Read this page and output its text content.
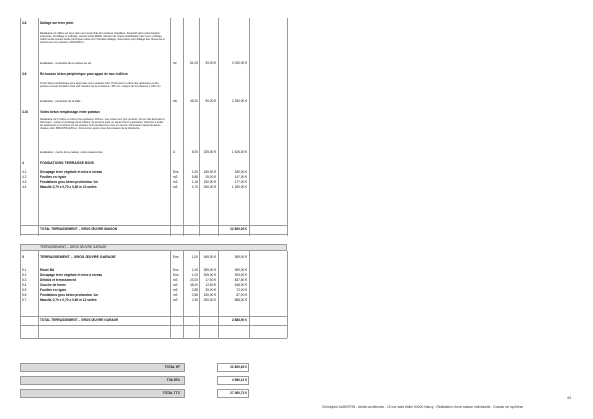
3.6	Dallage sur terre plein
Réalisation de dalles sur terre plein sur l'ensemble des surfaces chauffées, dispositif selon préconisation entreprise, ferraillage et coffrage, suivant étude ZEDE, relevant de l'imperméabilisation des murs, coffrage, treillis soudé suivant étude thermique relevé sur l'interface dallage, réservation pour dallage bas. Réserves à prévoir pour les réseaux (100x100cm).
localisation : ensemble de la surface au sol	m²	61,00	30,00 €	2 030,00 €
3.6	Ré-hausse béton périphérique pour appui de mur h=80cm
Ouvrir béton périphérique pour appui des murs ossature bois. Profil carré ou droit des réhausses et des poutres et toute fondation côté sud. Hauteur de la ré-hausse = 80 mm. Largeur de la réhausse = 180 mm.
localisation : périphérie de la dalle	mL	45,00	50,00 €	2 250,00 €
3.10	Voiles béton remplissage entre poteaux
Réalisation de 5 voiles en béton brut épaisseur 120mm. Ces voiles sont non porteurs. Ils ont rôle décoratif et thermique : inertie et stockage de la chaleur. Ils peuvent avoir un aspect brut et granuleux. Attention à éviter les épaisseurs et coulures sur les poteaux bois pendant leur mise en oeuvre. Dimensions approximatives chaque voile: 880x2700x120mm. Intervention après pose des poteaux de la charpente.
localisation : centre de la maison, entre poteaux bois	U	5,00	325,00 €	1 625,00 €
4	FONDATIONS TERRASSE BOIS
4.1	Décapage terre végétale et mise à niveau	Ens	1,00	180,00 €	180,00 €
4.2	Fouilles en rigole	m3	5,88	25,00 €	147,00 €
4.3	Fondations gros béton profondeur 1m	m3	1,18	150,00 €	177,00 €
4.4	Massifs 0,70 x 0,70 x 0,80 m 10 unités	m3	4,70	250,00 €	1 180,00 €
TOTAL TERRASSEMENT – GROS ŒUVRE MAISON	22 800,00 €
TERRASSEMENT – GROS ŒUVRE GARAGE
5	TERRASSEMENT – GROS ŒUVRE GARAGE	Ens	1,00	369,00 €	369,00 €
5.1	Etude BA	Ens	1,00	359,00 €	359,00 €
5.2	Décapage terre végétale et mise à niveau	Ens	1,00	305,00 €	305,00 €
5.3	Déblais et terrassement	m3	23,00	17,50 €	487,50 €
5.4	Couche de forme	m3	48,00	13,50 €	648,00 €
5.5	Fouilles en rigole	m3	2,88	25,00 €	72,00 €
5.6	Fondations gros béton profondeur 1m	m3	0,58	150,00 €	87,00 €
5.7	Massifs 0,70 x 0,70 x 0,80 m 12 unités	m3	2,35	250,00 €	588,00 €
TOTAL TERRASSEMENT – GROS ŒUVRE GARAGE	2 886,00 €
TOTAL HT	22 800,60 €
TVA 20%	4 980,12 €
TOTAL TTC	27 360,72 €
43
Christophe AUBERTIN - Atelier.architectes - 15 rue saint didier 54000 Nancy - Réalisation d'une maison individuelle - Dossier de synthèse
